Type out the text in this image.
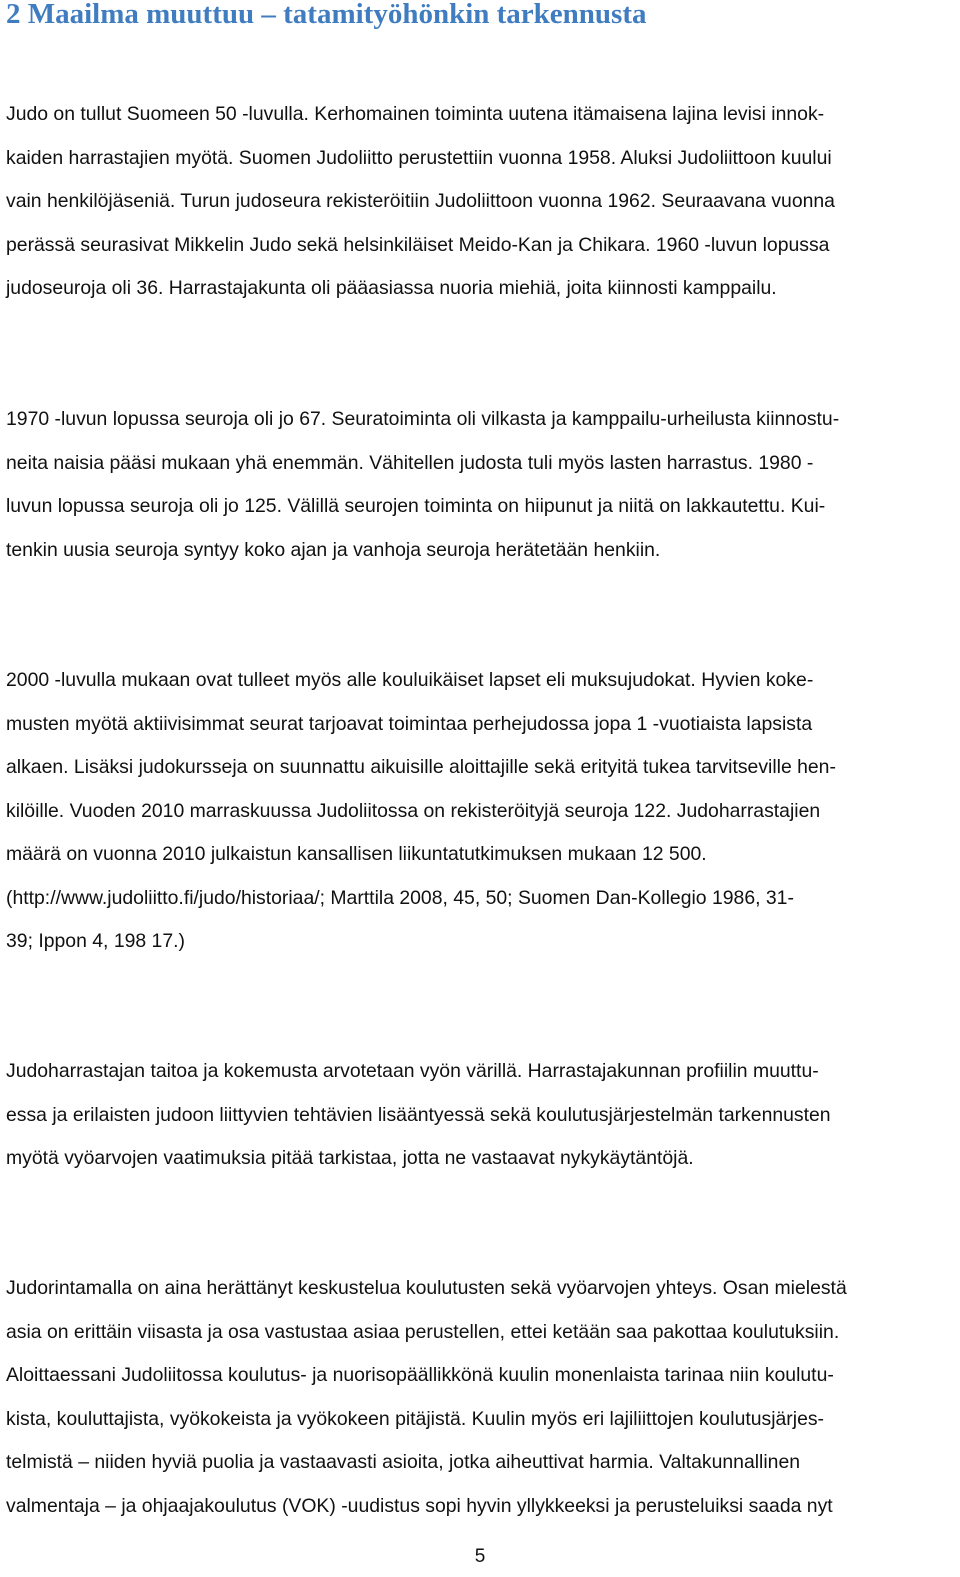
2 Maailma muuttuu – tatamityöhönkin tarkennusta
Judo on tullut Suomeen 50 -luvulla. Kerhomainen toiminta uutena itämaisena lajina levisi innok-
kaiden harrastajien myötä. Suomen Judoliitto perustettiin vuonna 1958. Aluksi Judoliittoon kuului
vain henkilöjäseniä. Turun judoseura rekisteröitiin Judoliittoon vuonna 1962. Seuraavana vuonna
perässä seurasivat Mikkelin Judo sekä helsinkiläiset Meido-Kan ja Chikara. 1960 -luvun lopussa
judoseuroja oli 36. Harrastajakunta oli pääasiassa nuoria miehiä, joita kiinnosti kamppailu.
1970 -luvun lopussa seuroja oli jo 67. Seuratoiminta oli vilkasta ja kamppailu-urheilusta kiinnostu-
neita naisia pääsi mukaan yhä enemmän. Vähitellen judosta tuli myös lasten harrastus. 1980 -
luvun lopussa seuroja oli jo 125. Välillä seurojen toiminta on hiipunut ja niitä on lakkautettu. Kui-
tenkin uusia seuroja syntyy koko ajan ja vanhoja seuroja herätetään henkiin.
2000 -luvulla mukaan ovat tulleet myös alle kouluikäiset lapset eli muksujudokat. Hyvien koke-
musten myötä aktiivisimmat seurat tarjoavat toimintaa perhejudossa jopa 1 -vuotiaista lapsista
alkaen. Lisäksi judokursseja on suunnattu aikuisille aloittajille sekä erityitä tukea tarvitseville hen-
kilöille. Vuoden 2010 marraskuussa Judoliitossa on rekisteröityjä seuroja 122. Judoharrastajien
määrä on vuonna 2010 julkaistun kansallisen liikuntatutkimuksen mukaan 12 500.
(http://www.judoliitto.fi/judo/historiaa/; Marttila 2008, 45, 50; Suomen Dan-Kollegio 1986, 31-
39; Ippon 4, 198 17.)
Judoharrastajan taitoa ja kokemusta arvotetaan vyön värillä. Harrastajakunnan profiilin muuttu-
essa ja erilaisten judoon liittyvien tehtävien lisääntyessä sekä koulutusjärjestelmän tarkennusten
myötä vyöarvojen vaatimuksia pitää tarkistaa, jotta ne vastaavat nykykäytäntöjä.
Judorintamalla on aina herättänyt keskustelua koulutusten sekä vyöarvojen yhteys. Osan mielestä
asia on erittäin viisasta ja osa vastustaa asiaa perustellen, ettei ketään saa pakottaa koulutuksiin.
Aloittaessani Judoliitossa koulutus- ja nuorisopäällikkönä kuulin monenlaista tarinaa niin koulutu-
kista, kouluttajista, vyökokeista ja vyökokeen pitäjistä. Kuulin myös eri lajiliittojen koulutusjärjes-
telmistä – niiden hyviä puolia ja vastaavasti asioita, jotka aiheuttivat harmia. Valtakunnallinen
valmentaja – ja ohjaajakoulutus (VOK) -uudistus sopi hyvin yllykkeeksi ja perusteluiksi saada nyt
5
